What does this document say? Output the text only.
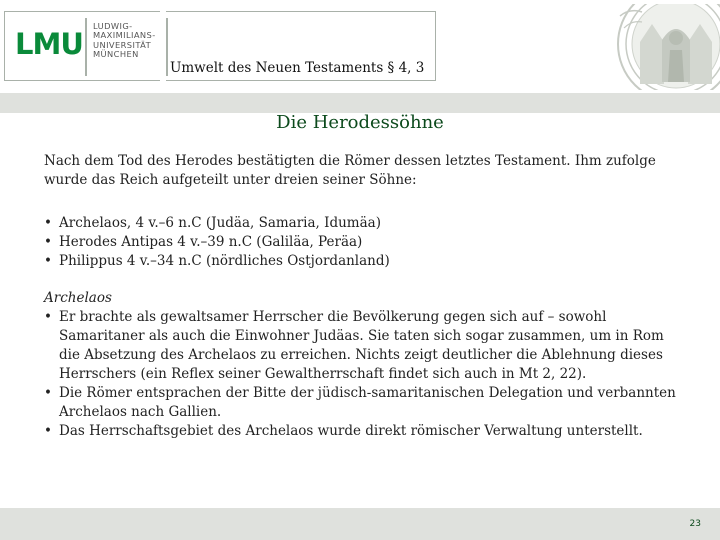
LMU
LUDWIG-
MAXIMILIANS-
UNIVERSITÄT
MÜNCHEN
Umwelt des Neuen Testaments § 4, 3
Die Herodessöhne
Nach dem Tod des Herodes bestätigten die Römer dessen letztes Testament. Ihm zufolge wurde das Reich aufgeteilt unter dreien seiner Söhne:
• Archelaos, 4 v.–6 n.C (Judäa, Samaria, Idumäa)
• Herodes Antipas 4 v.–39 n.C (Galiläa, Peräa)
• Philippus 4 v.–34 n.C (nördliches Ostjordanland)
Archelaos
• Er brachte als gewaltsamer Herrscher die Bevölkerung gegen sich auf – sowohl Samaritaner als auch die Einwohner Judäas. Sie taten sich sogar zusammen, um in Rom die Absetzung des Archelaos zu erreichen. Nichts zeigt deutlicher die Ablehnung dieses Herrschers (ein Reflex seiner Gewaltherrschaft findet sich auch in Mt 2, 22).
• Die Römer entsprachen der Bitte der jüdisch-samaritanischen Delegation und verbannten Archelaos nach Gallien.
• Das Herrschaftsgebiet des Archelaos wurde direkt römischer Verwaltung unterstellt.
23
